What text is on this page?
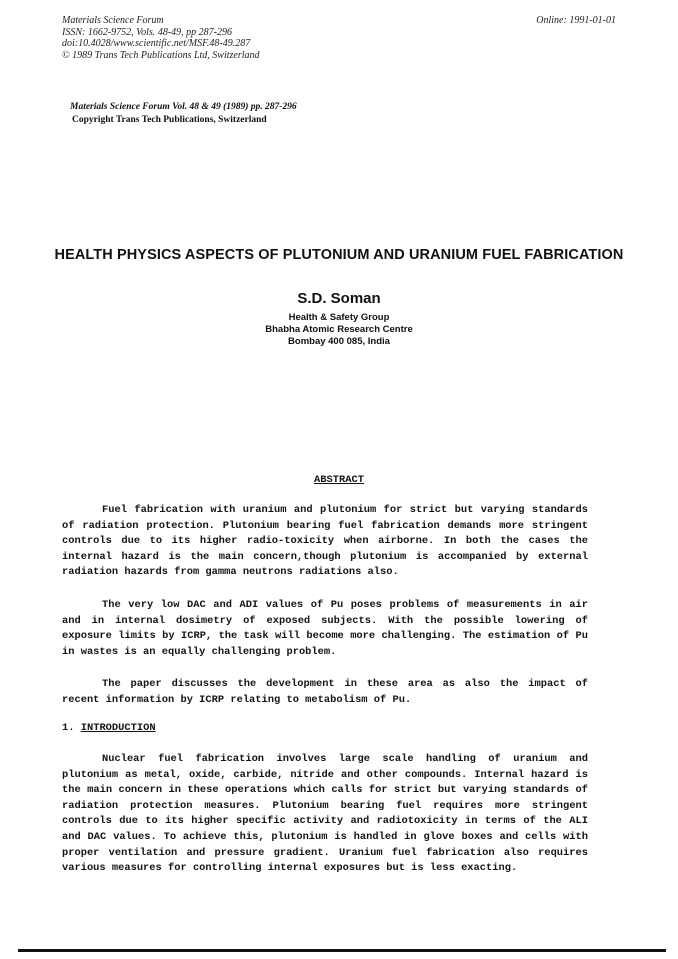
Materials Science Forum
ISSN: 1662-9752, Vols. 48-49, pp 287-296
doi:10.4028/www.scientific.net/MSF.48-49.287
© 1989 Trans Tech Publications Ltd, Switzerland
Online: 1991-01-01
Materials Science Forum Vol. 48 & 49 (1989) pp. 287-296
Copyright Trans Tech Publications, Switzerland
HEALTH PHYSICS ASPECTS OF PLUTONIUM AND URANIUM FUEL FABRICATION
S.D. Soman
Health & Safety Group
Bhabha Atomic Research Centre
Bombay 400 085, India
ABSTRACT
Fuel fabrication with uranium and plutonium for strict but varying standards of radiation protection. Plutonium bearing fuel fabrication demands more stringent controls due to its higher radio-toxicity when airborne. In both the cases the internal hazard is the main concern,though plutonium is accompanied by external radiation hazards from gamma neutrons radiations also.
The very low DAC and ADI values of Pu poses problems of measurements in air and in internal dosimetry of exposed subjects. With the possible lowering of exposure limits by ICRP, the task will become more challenging. The estimation of Pu in wastes is an equally challenging problem.
The paper discusses the development in these area as also the impact of recent information by ICRP relating to metabolism of Pu.
1. INTRODUCTION
Nuclear fuel fabrication involves large scale handling of uranium and plutonium as metal, oxide, carbide, nitride and other compounds. Internal hazard is the main concern in these operations which calls for strict but varying standards of radiation protection measures. Plutonium bearing fuel requires more stringent controls due to its higher specific activity and radiotoxicity in terms of the ALI and DAC values. To achieve this, plutonium is handled in glove boxes and cells with proper ventilation and pressure gradient. Uranium fuel fabrication also requires various measures for controlling internal exposures but is less exacting.
